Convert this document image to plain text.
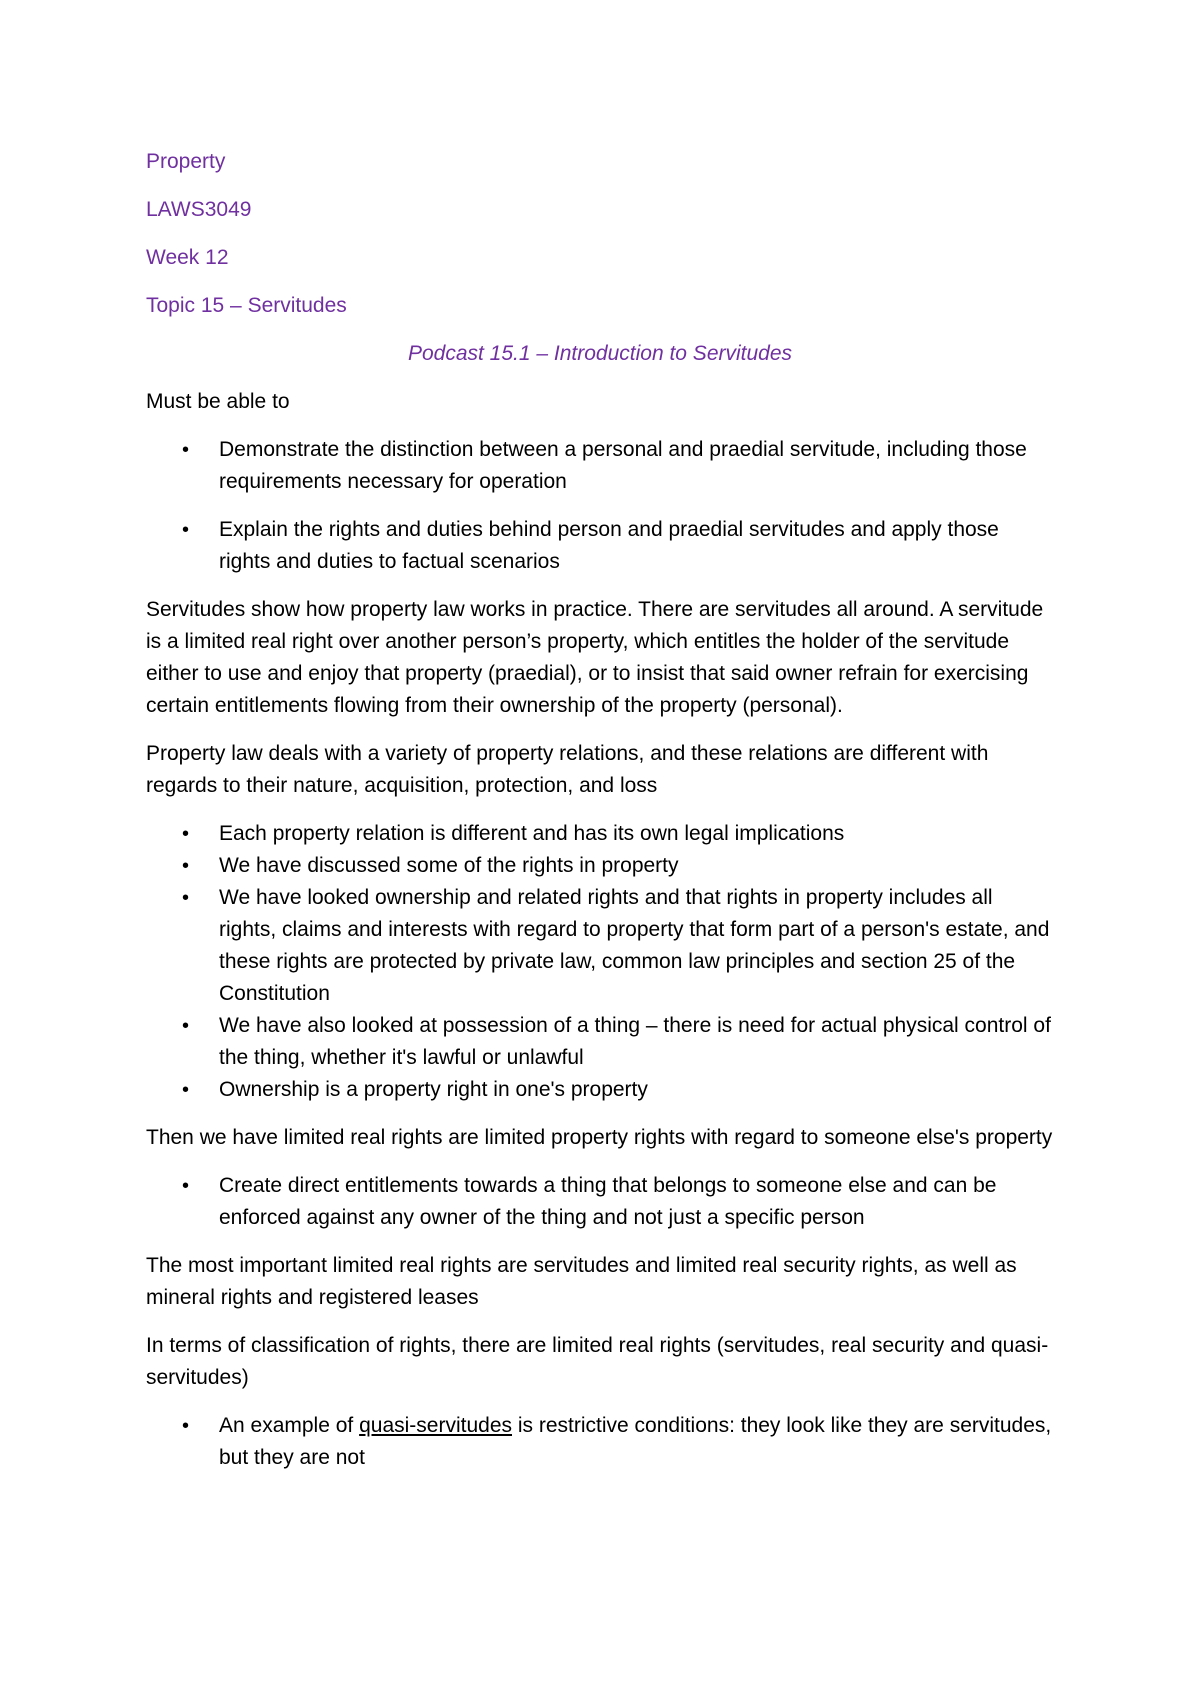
Property
LAWS3049
Week 12
Topic 15 – Servitudes
Podcast 15.1 – Introduction to Servitudes

Must be able to

• Demonstrate the distinction between a personal and praedial servitude, including those requirements necessary for operation
• Explain the rights and duties behind person and praedial servitudes and apply those rights and duties to factual scenarios

Servitudes show how property law works in practice. There are servitudes all around. A servitude is a limited real right over another person’s property, which entitles the holder of the servitude either to use and enjoy that property (praedial), or to insist that said owner refrain for exercising certain entitlements flowing from their ownership of the property (personal).

Property law deals with a variety of property relations, and these relations are different with regards to their nature, acquisition, protection, and loss

• Each property relation is different and has its own legal implications
• We have discussed some of the rights in property
• We have looked ownership and related rights and that rights in property includes all rights, claims and interests with regard to property that form part of a person's estate, and these rights are protected by private law, common law principles and section 25 of the Constitution
• We have also looked at possession of a thing – there is need for actual physical control of the thing, whether it's lawful or unlawful
• Ownership is a property right in one's property

Then we have limited real rights are limited property rights with regard to someone else's property

• Create direct entitlements towards a thing that belongs to someone else and can be enforced against any owner of the thing and not just a specific person

The most important limited real rights are servitudes and limited real security rights, as well as mineral rights and registered leases

In terms of classification of rights, there are limited real rights (servitudes, real security and quasi-servitudes)

• An example of quasi-servitudes is restrictive conditions: they look like they are servitudes, but they are not
